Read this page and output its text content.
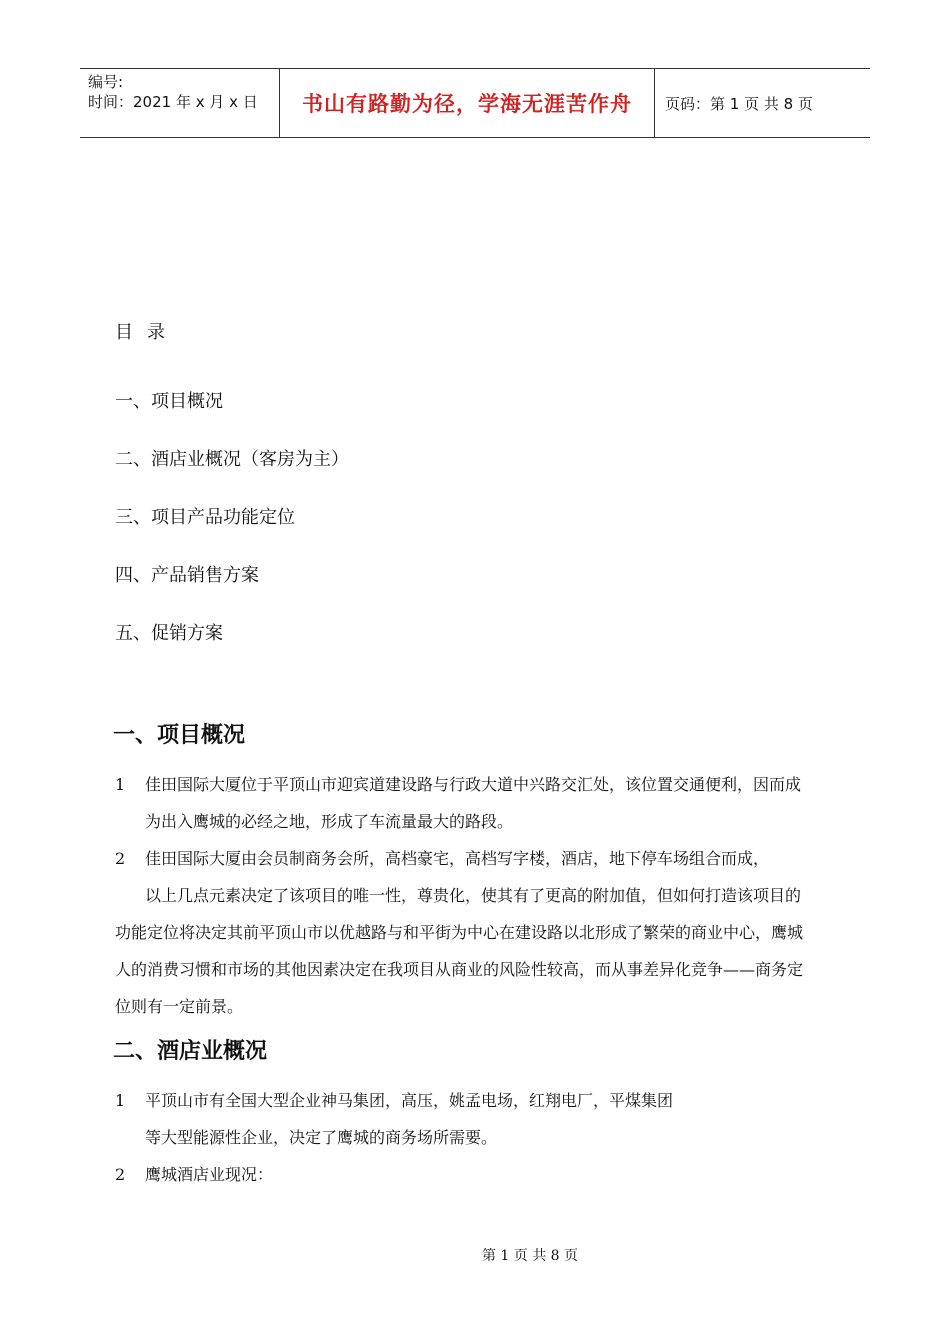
编号:
时间：2021 年 x 月 x 日	书山有路勤为径，学海无涯苦作舟	页码：第 1 页 共 8 页
目录
一、项目概况
二、酒店业概况（客房为主）
三、项目产品功能定位
四、产品销售方案
五、促销方案
一、项目概况
1 佳田国际大厦位于平顶山市迎宾道建设路与行政大道中兴路交汇处，该位置交通便利，因而成
为出入鹰城的必经之地，形成了车流量最大的路段。
2 佳田国际大厦由会员制商务会所，高档豪宅，高档写字楼，酒店，地下停车场组合而成，
以上几点元素决定了该项目的唯一性，尊贵化，使其有了更高的附加值，但如何打造该项目的
功能定位将决定其前平顶山市以优越路与和平街为中心在建设路以北形成了繁荣的商业中心，鹰城
人的消费习惯和市场的其他因素决定在我项目从商业的风险性较高，而从事差异化竞争——商务定
位则有一定前景。
二、酒店业概况
1 平顶山市有全国大型企业神马集团，高压，姚孟电场，红翔电厂，平煤集团
等大型能源性企业，决定了鹰城的商务场所需要。
2 鹰城酒店业现况：
第 1 页 共 8 页
